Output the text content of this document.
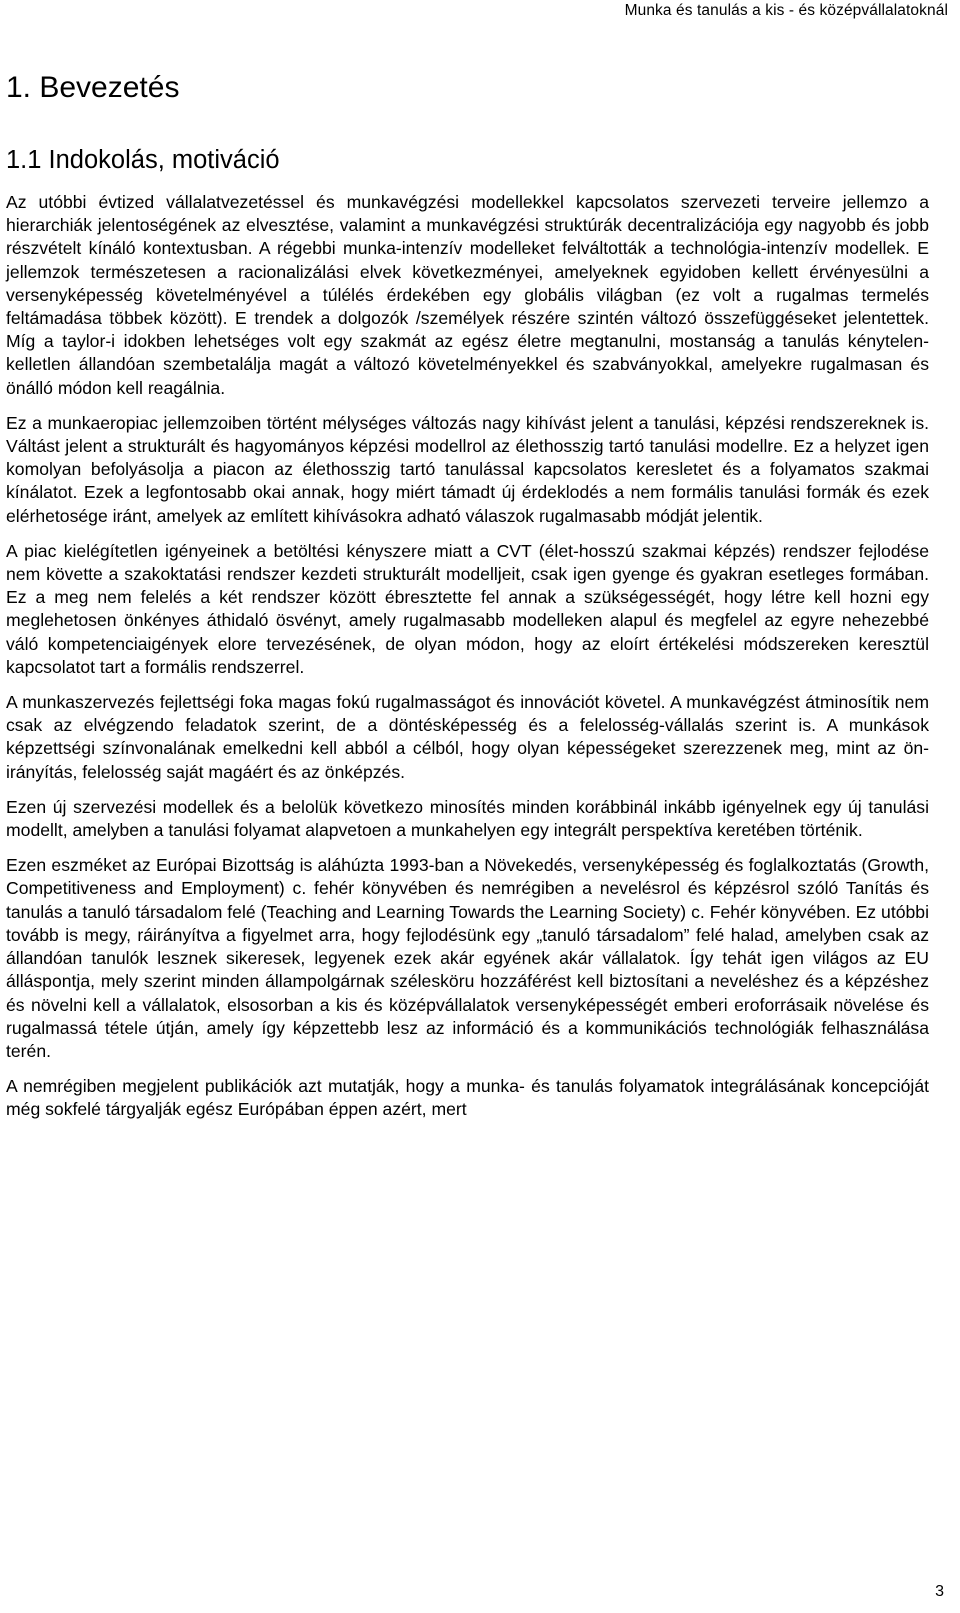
Munka és tanulás a kis - és középvállalatoknál
1. Bevezetés
1.1 Indokolás, motiváció

Az utóbbi évtized vállalatvezetéssel és munkavégzési modellekkel kapcsolatos szervezeti terveire jellemzo a hierarchiák jelentoségének az elvesztése, valamint a munkavégzési struktúrák decentralizációja egy nagyobb és jobb részvételt kínáló kontextusban. A régebbi munka-intenzív modelleket felváltották a technológia-intenzív modellek. E jellemzok természetesen a racionalizálási elvek következményei, amelyeknek egyidoben kellett érvényesülni a versenyképesség követelményével a túlélés érdekében egy globális világban (ez volt a rugalmas termelés feltámadása többek között). E trendek a dolgozók /személyek részére szintén változó összefüggéseket jelentettek. Míg a taylor-i idokben lehetséges volt egy szakmát az egész életre megtanulni, mostanság a tanulás kénytelen-kelletlen állandóan szembetalálja magát a változó követelményekkel és szabványokkal, amelyekre rugalmasan és önálló módon kell reagálnia.

Ez a munkaeropiac jellemzoiben történt mélységes változás nagy kihívást jelent a tanulási, képzési rendszereknek is. Váltást jelent a strukturált és hagyományos képzési modellrol az élethosszig tartó tanulási modellre. Ez a helyzet igen komolyan befolyásolja a piacon az élethosszig tartó tanulással kapcsolatos keresletet és a folyamatos szakmai kínálatot. Ezek a legfontosabb okai annak, hogy miért támadt új érdeklodés a nem formális tanulási formák és ezek elérhetosége iránt, amelyek az említett kihívásokra adható válaszok rugalmasabb módját jelentik.

A piac kielégítetlen igényeinek a betöltési kényszere miatt a CVT (élet-hosszú szakmai képzés) rendszer fejlodése nem követte a szakoktatási rendszer kezdeti strukturált modelljeit, csak igen gyenge és gyakran esetleges formában. Ez a meg nem felelés a két rendszer között ébresztette fel annak a szükségességét, hogy létre kell hozni egy meglehetosen önkényes áthidaló ösvényt, amely rugalmasabb modelleken alapul és megfelel az egyre nehezebbé váló kompetenciaigények elore tervezésének, de olyan módon, hogy az eloírt értékelési módszereken keresztül kapcsolatot tart a formális rendszerrel.

A munkaszervezés fejlettségi foka magas fokú rugalmasságot és innovációt követel. A munkavégzést átminosítik nem csak az elvégzendo feladatok szerint, de a döntésképesség és a felelosség-vállalás szerint is. A munkások képzettségi színvonalának emelkedni kell abból a célból, hogy olyan képességeket szerezzenek meg, mint az ön-irányítás, felelosség saját magáért és az önképzés.

Ezen új szervezési modellek és a belolük következo minosítés minden korábbinál inkább igényelnek egy új tanulási modellt, amelyben a tanulási folyamat alapvetoen a munkahelyen egy integrált perspektíva keretében történik.

Ezen eszméket az Európai Bizottság is aláhúzta 1993-ban a Növekedés, versenyképesség és foglalkoztatás (Growth, Competitiveness and Employment) c. fehér könyvében és nemrégiben a nevelésrol és képzésrol szóló Tanítás és tanulás a tanuló társadalom felé (Teaching and Learning Towards the Learning Society) c. Fehér könyvében. Ez utóbbi tovább is megy, ráirányítva a figyelmet arra, hogy fejlodésünk egy „tanuló társadalom” felé halad, amelyben csak az állandóan tanulók lesznek sikeresek, legyenek ezek akár egyének akár vállalatok. Így tehát igen világos az EU álláspontja, mely szerint minden állampolgárnak szélesköru hozzáférést kell biztosítani a neveléshez és a képzéshez és növelni kell a vállalatok, elsosorban a kis és középvállalatok versenyképességét emberi eroforrásaik növelése és rugalmassá tétele útján, amely így képzettebb lesz az információ és a kommunikációs technológiák felhasználása terén.

A nemrégiben megjelent publikációk azt mutatják, hogy a munka- és tanulás folyamatok integrálásának koncepcióját még sokfelé tárgyalják egész Európában éppen azért, mert

3
